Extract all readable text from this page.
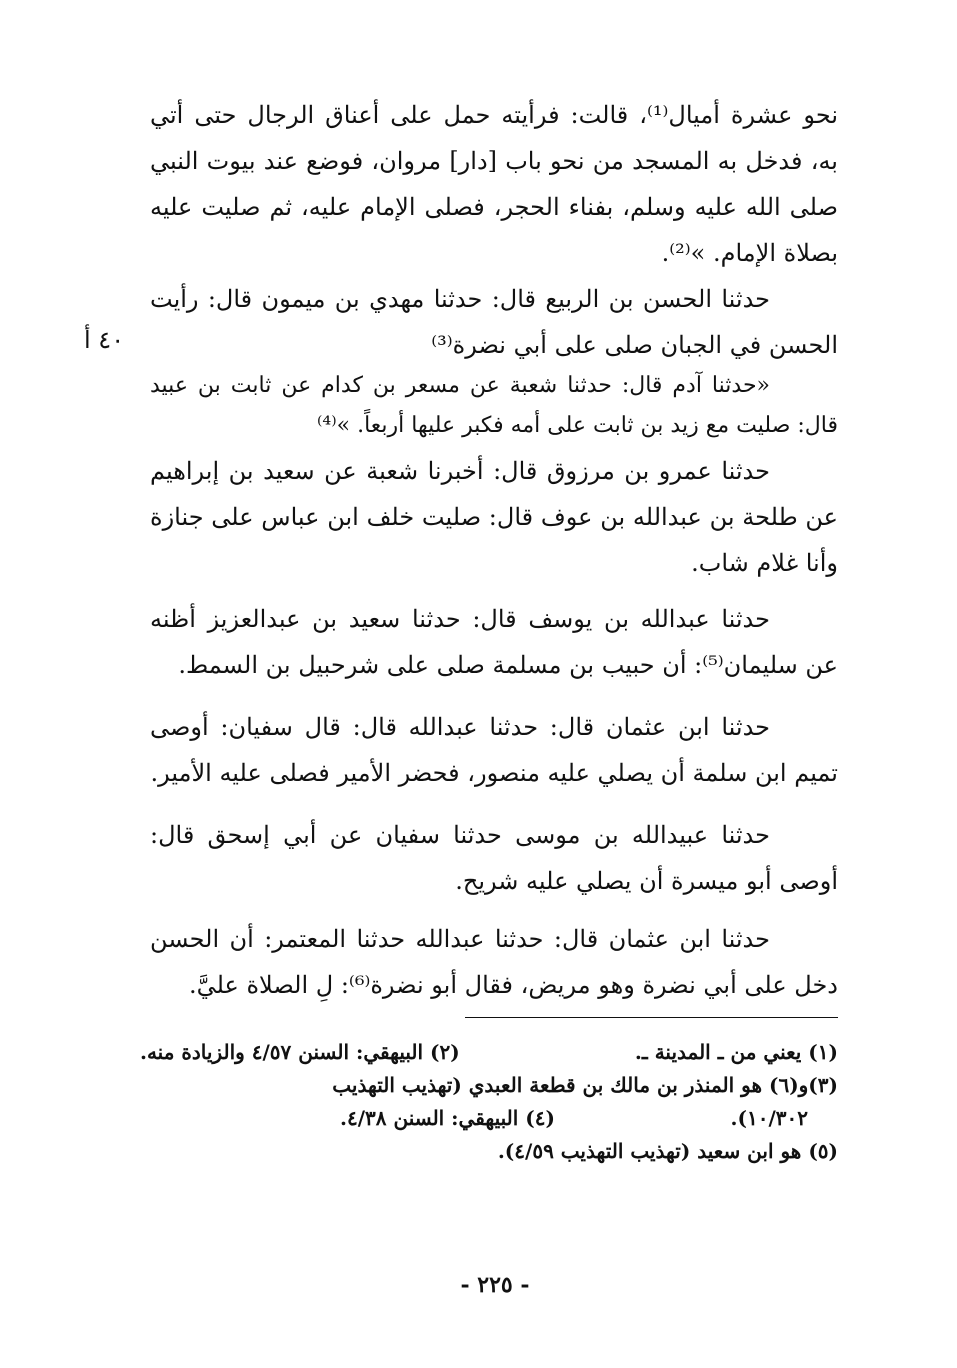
نحو عشرة أميال⁽¹⁾، قالت: فرأيته حمل على أعناق الرجال حتى أتي به، فدخل به المسجد من نحو باب [دار] مروان، فوضع عند بيوت النبي صلى الله عليه وسلم، بفناء الحجر، فصلى الإمام عليه، ثم صليت عليه بصلاة الإمام. »⁽²⁾.

حدثنا الحسن بن الربيع قال: حدثنا مهدي بن ميمون قال: رأيت الحسن في الجبان صلى على أبي نضرة⁽³⁾

٤٠ أ

«حدثنا آدم قال: حدثنا شعبة عن مسعر بن كدام عن ثابت بن عبيد قال: صليت مع زيد بن ثابت على أمه فكبر عليها أربعاً. »⁽⁴⁾

حدثنا عمرو بن مرزوق قال: أخبرنا شعبة عن سعيد بن إبراهيم عن طلحة بن عبدالله بن عوف قال: صليت خلف ابن عباس على جنازة وأنا غلام شاب.

حدثنا عبدالله بن يوسف قال: حدثنا سعيد بن عبدالعزيز أظنه عن سليمان⁽⁵⁾: أن حبيب بن مسلمة صلى على شرحبيل بن السمط.

حدثنا ابن عثمان قال: حدثنا عبدالله قال: قال سفيان: أوصى تميم ابن سلمة أن يصلي عليه منصور، فحضر الأمير فصلى عليه الأمير.

حدثنا عبيدالله بن موسى حدثنا سفيان عن أبي إسحق قال: أوصى أبو ميسرة أن يصلي عليه شريح.

حدثنا ابن عثمان قال: حدثنا عبدالله حدثنا المعتمر: أن الحسن دخل على أبي نضرة وهو مريض، فقال أبو نضرة⁽⁶⁾: لِ الصلاة عليَّ.

(١) يعني من ـ المدينة ـ.
(٢) البيهقي: السنن ٤/٥٧ والزيادة منه.
(٣)و(٦) هو المنذر بن مالك بن قطعة العبدي (تهذيب التهذيب
١٠/٣٠٢).
(٤) البيهقي: السنن ٤/٣٨.
(٥) هو ابن سعيد (تهذيب التهذيب ٤/٥٩).
- ٢٢٥ -
